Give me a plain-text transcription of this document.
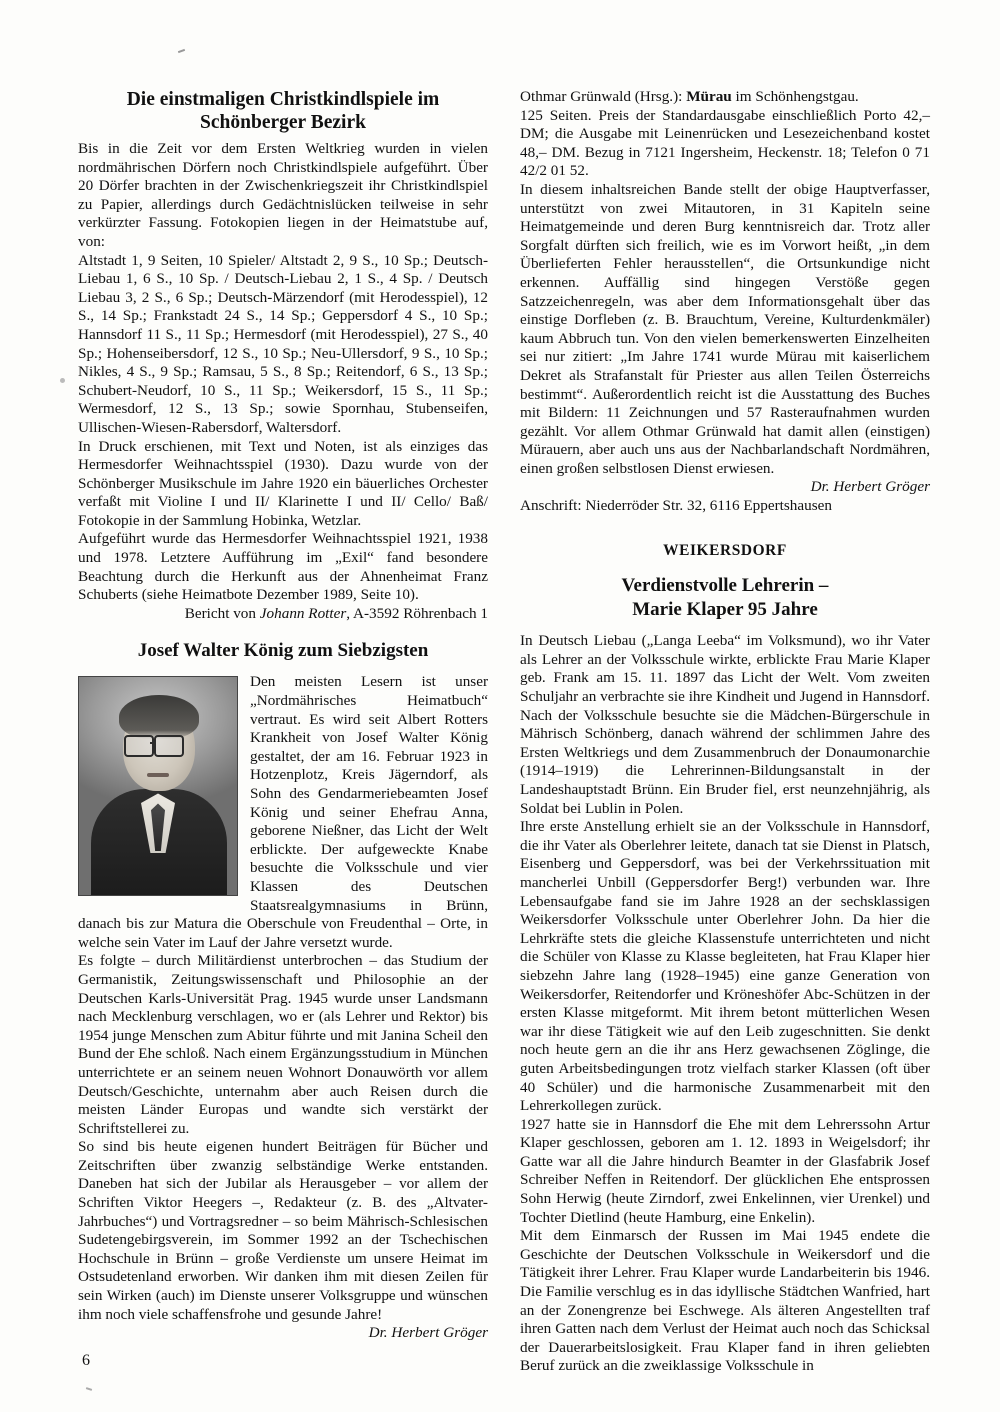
Die einstmaligen Christkindlspiele im
Schönberger Bezirk

Bis in die Zeit vor dem Ersten Weltkrieg wurden in vielen nordmährischen Dörfern noch Christkindlspiele aufgeführt. Über 20 Dörfer brachten in der Zwischenkriegszeit ihr Christkindlspiel zu Papier, allerdings durch Gedächtnislücken teilweise in sehr verkürzter Fassung. Fotokopien liegen in der Heimatstube auf, von:

Altstadt 1, 9 Seiten, 10 Spieler/ Altstadt 2, 9 S., 10 Sp.; Deutsch-Liebau 1, 6 S., 10 Sp. / Deutsch-Liebau 2, 1 S., 4 Sp. / Deutsch Liebau 3, 2 S., 6 Sp.; Deutsch-Märzendorf (mit Herodesspiel), 12 S., 14 Sp.; Frankstadt 24 S., 14 Sp.; Geppersdorf 4 S., 10 Sp.; Hannsdorf 11 S., 11 Sp.; Hermesdorf (mit Herodesspiel), 27 S., 40 Sp.; Hohenseibersdorf, 12 S., 10 Sp.; Neu-Ullersdorf, 9 S., 10 Sp.; Nikles, 4 S., 9 Sp.; Ramsau, 5 S., 8 Sp.; Reitendorf, 6 S., 13 Sp.; Schubert-Neudorf, 10 S., 11 Sp.; Weikersdorf, 15 S., 11 Sp.; Wermesdorf, 12 S., 13 Sp.; sowie Spornhau, Stubenseifen, Ullischen-Wiesen-Rabersdorf, Waltersdorf.

In Druck erschienen, mit Text und Noten, ist als einziges das Hermesdorfer Weihnachtsspiel (1930). Dazu wurde von der Schönberger Musikschule im Jahre 1920 ein bäuerliches Orchester verfaßt mit Violine I und II/ Klarinette I und II/ Cello/ Baß/ Fotokopie in der Sammlung Hobinka, Wetzlar.

Aufgeführt wurde das Hermesdorfer Weihnachtsspiel 1921, 1938 und 1978. Letztere Aufführung im „Exil“ fand besondere Beachtung durch die Herkunft aus der Ahnenheimat Franz Schuberts (siehe Heimatbote Dezember 1989, Seite 10).

Bericht von Johann Rotter, A-3592 Röhrenbach 1

Josef Walter König zum Siebzigsten

Den meisten Lesern ist unser „Nordmährisches Heimatbuch“ vertraut. Es wird seit Albert Rotters Krankheit von Josef Walter König gestaltet, der am 16. Februar 1923 in Hotzenplotz, Kreis Jägerndorf, als Sohn des Gendarmeriebeamten Josef König und seiner Ehefrau Anna, geborene Nießner, das Licht der Welt erblickte. Der aufgeweckte Knabe besuchte die Volksschule und vier Klassen des Deutschen Staatsrealgymnasiums in Brünn, danach bis zur Matura die Oberschule von Freudenthal – Orte, in welche sein Vater im Lauf der Jahre versetzt wurde.

Es folgte – durch Militärdienst unterbrochen – das Studium der Germanistik, Zeitungswissenschaft und Philosophie an der Deutschen Karls-Universität Prag. 1945 wurde unser Landsmann nach Mecklenburg verschlagen, wo er (als Lehrer und Rektor) bis 1954 junge Menschen zum Abitur führte und mit Janina Scheil den Bund der Ehe schloß. Nach einem Ergänzungsstudium in München unterrichtete er an seinem neuen Wohnort Donauwörth vor allem Deutsch/Geschichte, unternahm aber auch Reisen durch die meisten Länder Europas und wandte sich verstärkt der Schriftstellerei zu.

So sind bis heute eigenen hundert Beiträgen für Bücher und Zeitschriften über zwanzig selbständige Werke entstanden. Daneben hat sich der Jubilar als Herausgeber – vor allem der Schriften Viktor Heegers –, Redakteur (z. B. des „Altvater-Jahrbuches“) und Vortragsredner – so beim Mährisch-Schlesischen Sudetengebirgsverein, im Sommer 1992 an der Tschechischen Hochschule in Brünn – große Verdienste um unsere Heimat im Ostsudetenland erworben. Wir danken ihm mit diesen Zeilen für sein Wirken (auch) im Dienste unserer Volksgruppe und wünschen ihm noch viele schaffensfrohe und gesunde Jahre!

Dr. Herbert Gröger

Othmar Grünwald (Hrsg.): Mürau im Schönhengstgau.

125 Seiten. Preis der Standardausgabe einschließlich Porto 42,– DM; die Ausgabe mit Leinenrücken und Lesezeichenband kostet 48,– DM. Bezug in 7121 Ingersheim, Heckenstr. 18; Telefon 0 71 42/2 01 52.

In diesem inhaltsreichen Bande stellt der obige Hauptverfasser, unterstützt von zwei Mitautoren, in 31 Kapiteln seine Heimatgemeinde und deren Burg kenntnisreich dar. Trotz aller Sorgfalt dürften sich freilich, wie es im Vorwort heißt, „in dem Überlieferten Fehler herausstellen“, die Ortsunkundige nicht erkennen. Auffällig sind hingegen Verstöße gegen Satzzeichenregeln, was aber dem Informationsgehalt über das einstige Dorfleben (z. B. Brauchtum, Vereine, Kulturdenkmäler) kaum Abbruch tun. Von den vielen bemerkenswerten Einzelheiten sei nur zitiert: „Im Jahre 1741 wurde Mürau mit kaiserlichem Dekret als Strafanstalt für Priester aus allen Teilen Österreichs bestimmt“. Außerordentlich reicht ist die Ausstattung des Buches mit Bildern: 11 Zeichnungen und 57 Rasteraufnahmen wurden gezählt. Vor allem Othmar Grünwald hat damit allen (einstigen) Mürauern, aber auch uns aus der Nachbarlandschaft Nordmähren, einen großen selbstlosen Dienst erwiesen.

Dr. Herbert Gröger

Anschrift: Niederröder Str. 32, 6116 Eppertshausen

WEIKERSDORF
Verdienstvolle Lehrerin –
Marie Klaper 95 Jahre

In Deutsch Liebau („Langa Leeba“ im Volksmund), wo ihr Vater als Lehrer an der Volksschule wirkte, erblickte Frau Marie Klaper geb. Frank am 15. 11. 1897 das Licht der Welt. Vom zweiten Schuljahr an verbrachte sie ihre Kindheit und Jugend in Hannsdorf. Nach der Volksschule besuchte sie die Mädchen-Bürgerschule in Mährisch Schönberg, danach während der schlimmen Jahre des Ersten Weltkriegs und dem Zusammenbruch der Donaumonarchie (1914–1919) die Lehrerinnen-Bildungsanstalt in der Landeshauptstadt Brünn. Ein Bruder fiel, erst neunzehnjährig, als Soldat bei Lublin in Polen.

Ihre erste Anstellung erhielt sie an der Volksschule in Hannsdorf, die ihr Vater als Oberlehrer leitete, danach tat sie Dienst in Platsch, Eisenberg und Geppersdorf, was bei der Verkehrssituation mit mancherlei Unbill (Geppersdorfer Berg!) verbunden war. Ihre Lebensaufgabe fand sie im Jahre 1928 an der sechsklassigen Weikersdorfer Volksschule unter Oberlehrer John. Da hier die Lehrkräfte stets die gleiche Klassenstufe unterrichteten und nicht die Schüler von Klasse zu Klasse begleiteten, hat Frau Klaper hier siebzehn Jahre lang (1928–1945) eine ganze Generation von Weikersdorfer, Reitendorfer und Kröneshöfer Abc-Schützen in der ersten Klasse mitgeformt. Mit ihrem betont mütterlichen Wesen war ihr diese Tätigkeit wie auf den Leib zugeschnitten. Sie denkt noch heute gern an die ihr ans Herz gewachsenen Zöglinge, die guten Arbeitsbedingungen trotz vielfach starker Klassen (oft über 40 Schüler) und die harmonische Zusammenarbeit mit den Lehrerkollegen zurück.

1927 hatte sie in Hannsdorf die Ehe mit dem Lehrerssohn Artur Klaper geschlossen, geboren am 1. 12. 1893 in Weigelsdorf; ihr Gatte war all die Jahre hindurch Beamter in der Glasfabrik Josef Schreiber Neffen in Reitendorf. Der glücklichen Ehe entsprossen Sohn Herwig (heute Zirndorf, zwei Enkelinnen, vier Urenkel) und Tochter Dietlind (heute Hamburg, eine Enkelin).

Mit dem Einmarsch der Russen im Mai 1945 endete die Geschichte der Deutschen Volksschule in Weikersdorf und die Tätigkeit ihrer Lehrer. Frau Klaper wurde Landarbeiterin bis 1946. Die Familie verschlug es in das idyllische Städtchen Wanfried, hart an der Zonengrenze bei Eschwege. Als älteren Angestellten traf ihren Gatten nach dem Verlust der Heimat auch noch das Schicksal der Dauerarbeitslosigkeit. Frau Klaper fand in ihren geliebten Beruf zurück an die zweiklassige Volksschule in

6
